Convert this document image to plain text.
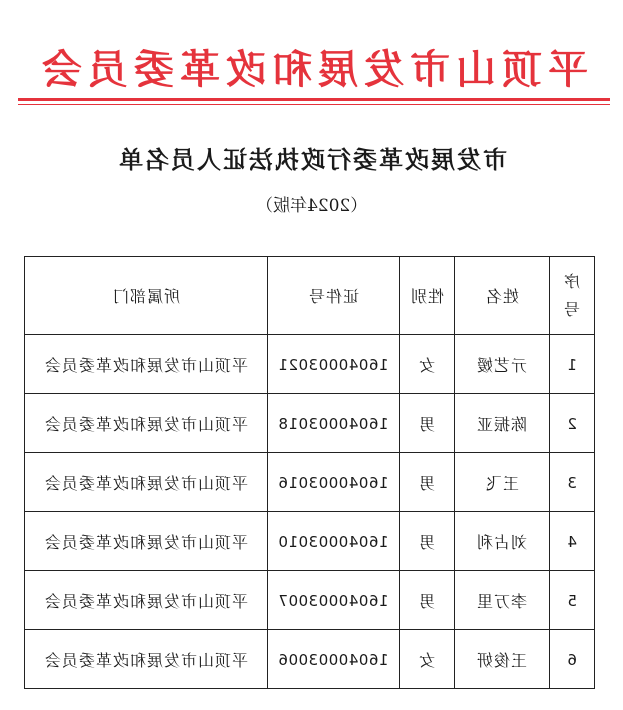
平顶山市发展和改革委员会
市发展改革委行政执法证人员名单
（2024年版）
所属部门	证件号	性别	姓名	序
号
平顶山市发展和改革委员会	16040003021	女	亓艺嫒	1
平顶山市发展和改革委员会	16040003018	男	陈振亚	2
平顶山市发展和改革委员会	16040003016	男	王飞	3
平顶山市发展和改革委员会	16040003010	男	刘占利	4
平顶山市发展和改革委员会	16040003007	男	李万里	5
平顶山市发展和改革委员会	16040003006	女	王俊妍	6
